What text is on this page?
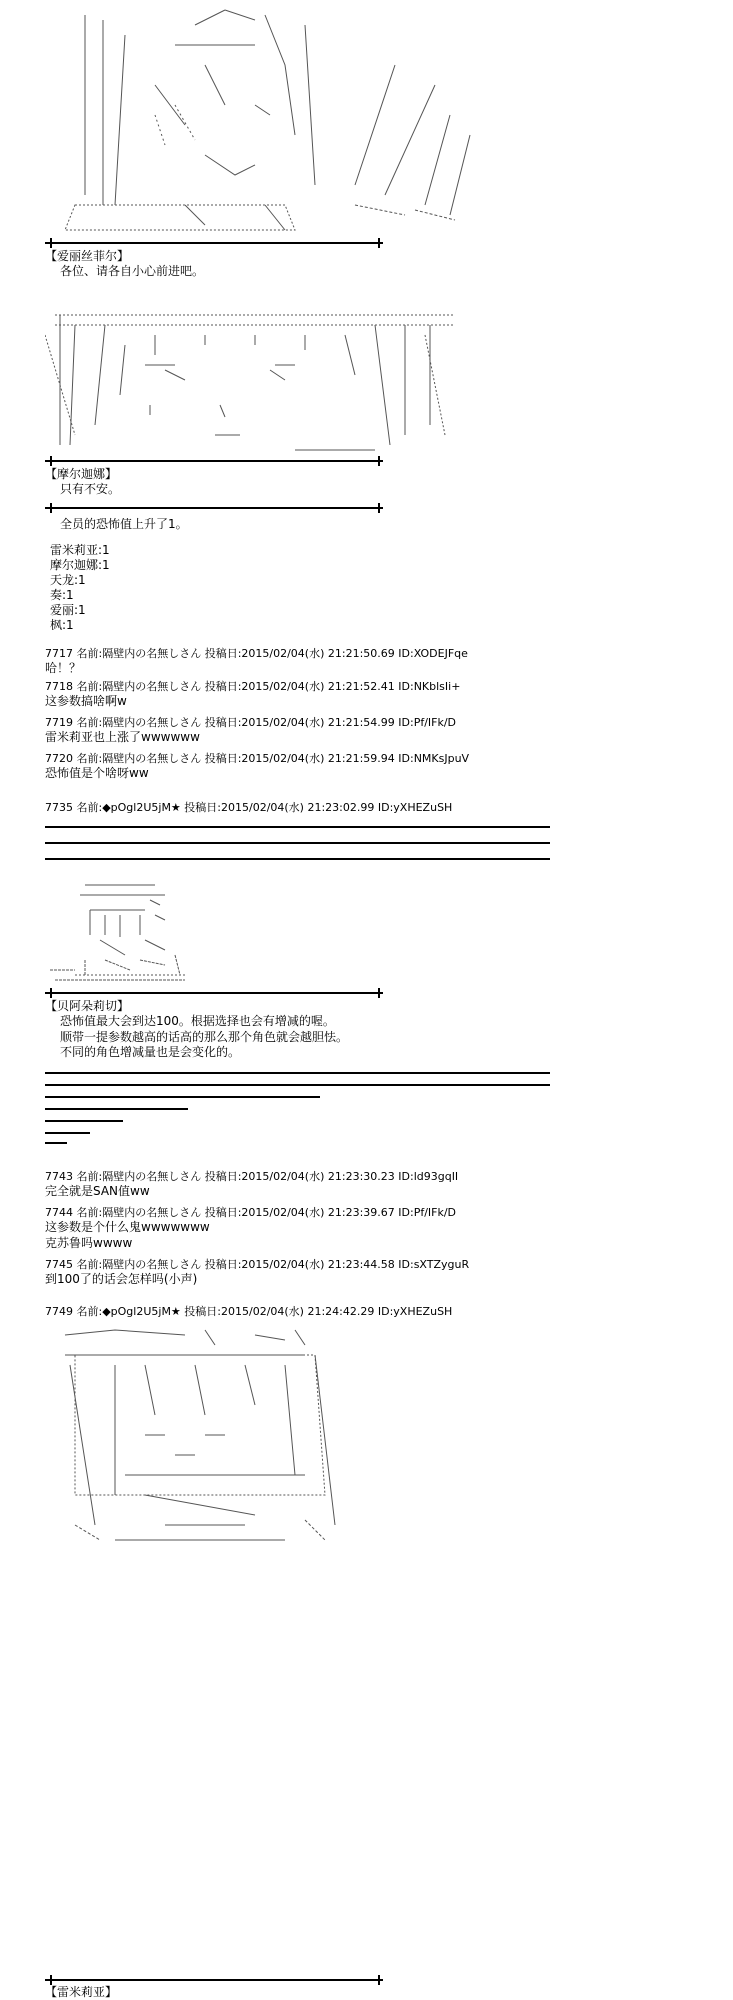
【爱丽丝菲尔】
各位、请各自小心前进吧。
【摩尔迦娜】
只有不安。
全员的恐怖值上升了1。
雷米莉亚:1
摩尔迦娜:1
天龙:1
奏:1
爱丽:1
枫:1
7717 名前:隔壁内の名無しさん 投稿日:2015/02/04(水) 21:21:50.69 ID:XODEJFqe
哈！？
7718 名前:隔壁内の名無しさん 投稿日:2015/02/04(水) 21:21:52.41 ID:NKblsIi+
这参数搞啥啊w
7719 名前:隔壁内の名無しさん 投稿日:2015/02/04(水) 21:21:54.99 ID:Pf/IFk/D
雷米莉亚也上涨了wwwwww
7720 名前:隔壁内の名無しさん 投稿日:2015/02/04(水) 21:21:59.94 ID:NMKsJpuV
恐怖值是个啥呀ww
7735 名前:◆pOgl2U5jM★ 投稿日:2015/02/04(水) 21:23:02.99 ID:yXHEZuSH
【贝阿朵莉切】
恐怖值最大会到达100。根据选择也会有增减的喔。
顺带一提参数越高的话高的那么那个角色就会越胆怯。
不同的角色增减量也是会变化的。
7743 名前:隔壁内の名無しさん 投稿日:2015/02/04(水) 21:23:30.23 ID:ld93gqII
完全就是SAN值ww
7744 名前:隔壁内の名無しさん 投稿日:2015/02/04(水) 21:23:39.67 ID:Pf/IFk/D
这参数是个什么鬼wwwwwww
克苏鲁吗wwww
7745 名前:隔壁内の名無しさん 投稿日:2015/02/04(水) 21:23:44.58 ID:sXTZyguR
到100了的话会怎样吗(小声)
7749 名前:◆pOgl2U5jM★ 投稿日:2015/02/04(水) 21:24:42.29 ID:yXHEZuSH
【雷米莉亚】
